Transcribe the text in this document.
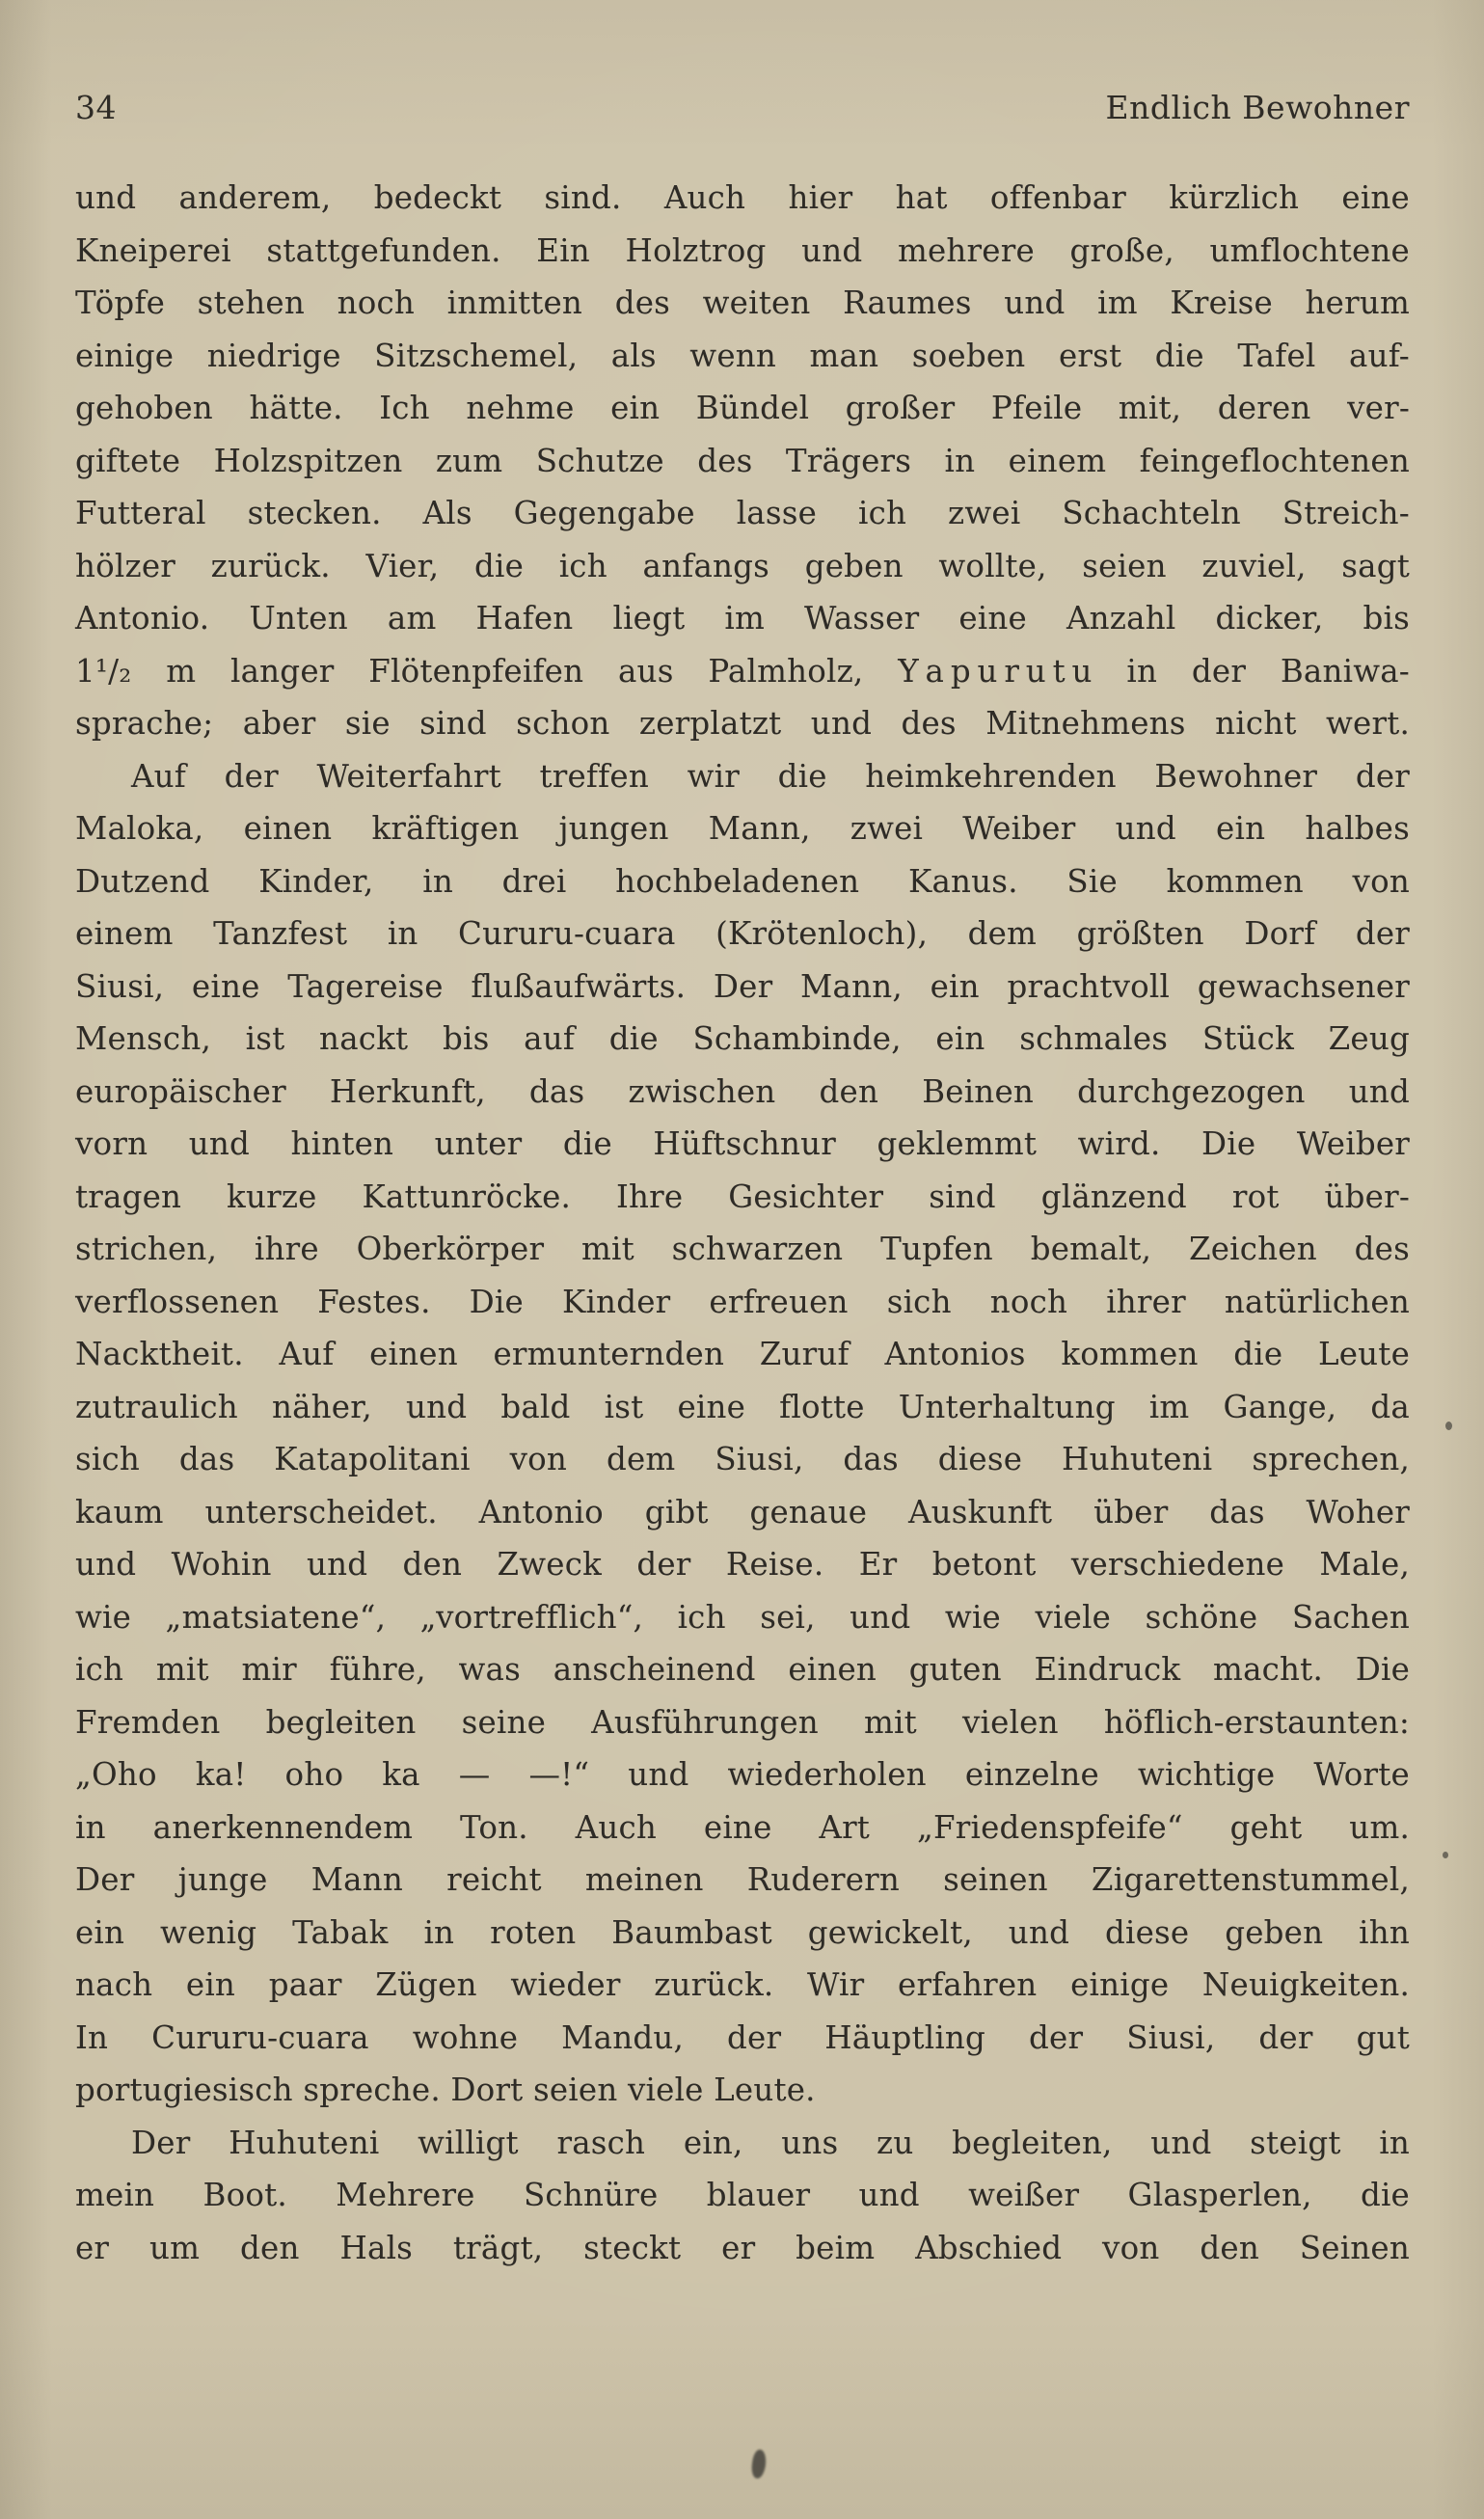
34	Endlich Bewohner
und anderem, bedeckt sind. Auch hier hat offenbar kürzlich eine
Kneiperei stattgefunden. Ein Holztrog und mehrere große, umflochtene
Töpfe stehen noch inmitten des weiten Raumes und im Kreise herum
einige niedrige Sitzschemel, als wenn man soeben erst die Tafel auf-
gehoben hätte. Ich nehme ein Bündel großer Pfeile mit, deren ver-
giftete Holzspitzen zum Schutze des Trägers in einem feingeflochtenen
Futteral stecken. Als Gegengabe lasse ich zwei Schachteln Streich-
hölzer zurück. Vier, die ich anfangs geben wollte, seien zuviel, sagt
Antonio. Unten am Hafen liegt im Wasser eine Anzahl dicker, bis
1¹/₂ m langer Flötenpfeifen aus Palmholz, Y a p u r u t u in der Baniwa-
sprache; aber sie sind schon zerplatzt und des Mitnehmens nicht wert.
Auf der Weiterfahrt treffen wir die heimkehrenden Bewohner der
Maloka, einen kräftigen jungen Mann, zwei Weiber und ein halbes
Dutzend Kinder, in drei hochbeladenen Kanus. Sie kommen von
einem Tanzfest in Cururu-cuara (Krötenloch), dem größten Dorf der
Siusi, eine Tagereise flußaufwärts. Der Mann, ein prachtvoll gewachsener
Mensch, ist nackt bis auf die Schambinde, ein schmales Stück Zeug
europäischer Herkunft, das zwischen den Beinen durchgezogen und
vorn und hinten unter die Hüftschnur geklemmt wird. Die Weiber
tragen kurze Kattunröcke. Ihre Gesichter sind glänzend rot über-
strichen, ihre Oberkörper mit schwarzen Tupfen bemalt, Zeichen des
verflossenen Festes. Die Kinder erfreuen sich noch ihrer natürlichen
Nacktheit. Auf einen ermunternden Zuruf Antonios kommen die Leute
zutraulich näher, und bald ist eine flotte Unterhaltung im Gange, da
sich das Katapolitani von dem Siusi, das diese Huhuteni sprechen,
kaum unterscheidet. Antonio gibt genaue Auskunft über das Woher
und Wohin und den Zweck der Reise. Er betont verschiedene Male,
wie „matsiatene“, „vortrefflich“, ich sei, und wie viele schöne Sachen
ich mit mir führe, was anscheinend einen guten Eindruck macht. Die
Fremden begleiten seine Ausführungen mit vielen höflich-erstaunten:
„Oho ka! oho ka — —!“ und wiederholen einzelne wichtige Worte
in anerkennendem Ton. Auch eine Art „Friedenspfeife“ geht um.
Der junge Mann reicht meinen Ruderern seinen Zigarettenstummel,
ein wenig Tabak in roten Baumbast gewickelt, und diese geben ihn
nach ein paar Zügen wieder zurück. Wir erfahren einige Neuigkeiten.
In Cururu-cuara wohne Mandu, der Häuptling der Siusi, der gut
portugiesisch spreche. Dort seien viele Leute.
Der Huhuteni willigt rasch ein, uns zu begleiten, und steigt in
mein Boot. Mehrere Schnüre blauer und weißer Glasperlen, die
er um den Hals trägt, steckt er beim Abschied von den Seinen
